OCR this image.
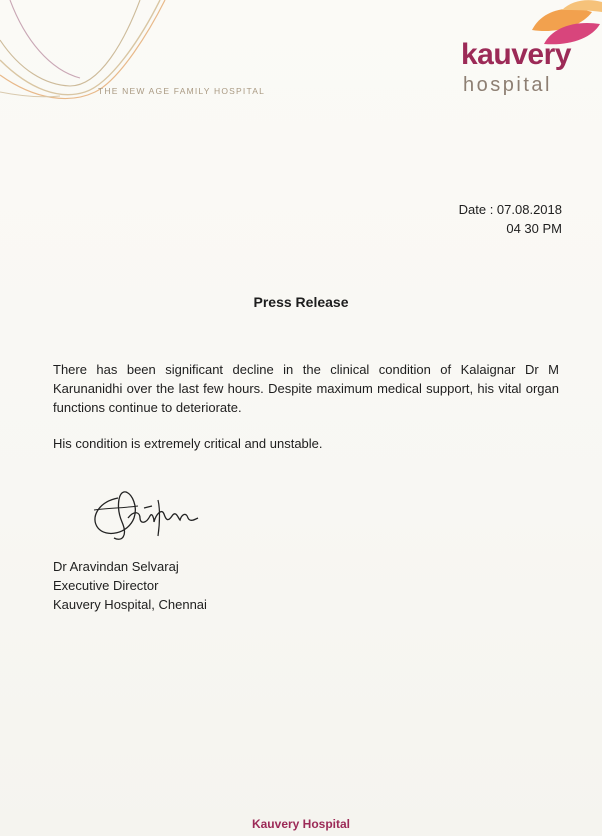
THE NEW AGE FAMILY HOSPITAL
kauvery
hospital
Date : 07.08.2018
04 30 PM
Press Release
There has been significant decline in the clinical condition of Kalaignar Dr M Karunanidhi over the last few hours. Despite maximum medical support, his vital organ functions continue to deteriorate.
His condition is extremely critical and unstable.
Dr Aravindan Selvaraj
Executive Director
Kauvery Hospital, Chennai
Kauvery Hospital
